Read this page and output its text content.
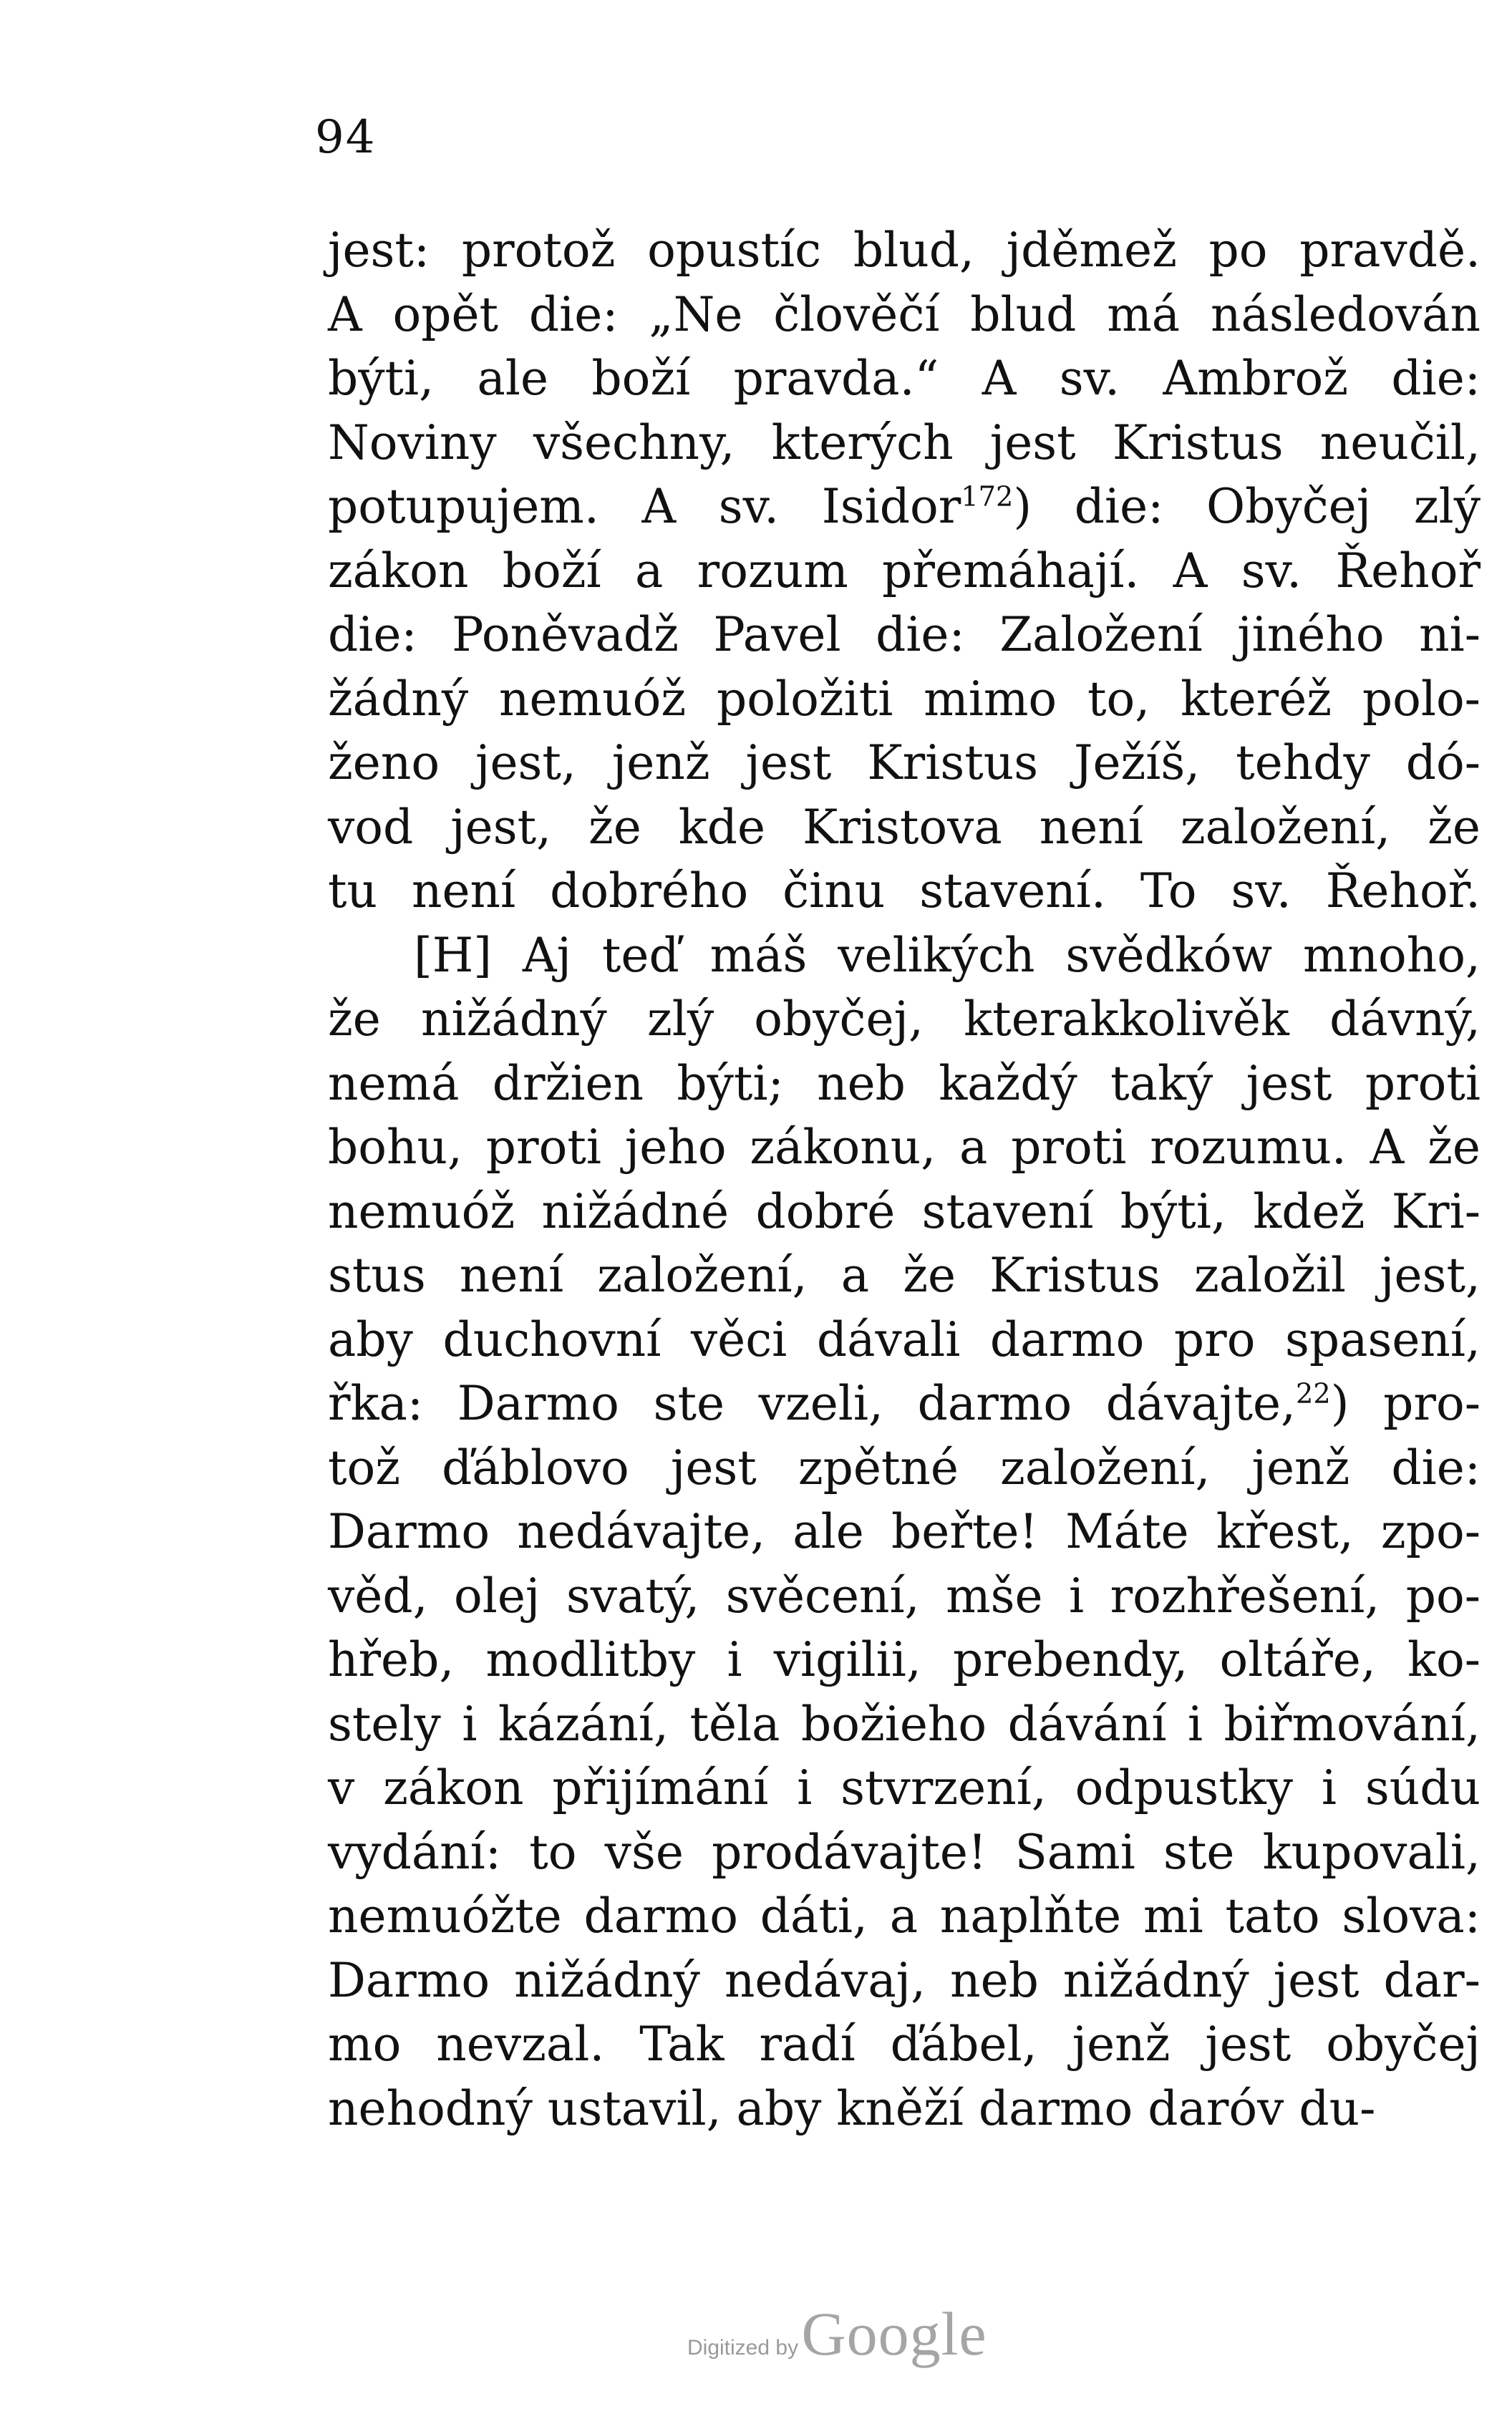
94
jest: protož opustíc blud, jděmež po pravdě.
A opět die: „Ne člověčí blud má následován
býti, ale boží pravda.“ A sv. Ambrož die:
Noviny všechny, kterých jest Kristus neučil,
potupujem. A sv. Isidor$^{172}$) die: Obyčej zlý
zákon boží a rozum přemáhají. A sv. Řehoř
die: Poněvadž Pavel die: Založení jiného ni-
žádný nemuóž položiti mimo to, kteréž polo-
ženo jest, jenž jest Kristus Ježíš, tehdy dó-
vod jest, že kde Kristova není založení, že
tu není dobrého činu stavení. To sv. Řehoř.
[H] Aj teď máš velikých svědków mnoho,
že nižádný zlý obyčej, kterakkolivěk dávný,
nemá držien býti; neb každý taký jest proti
bohu, proti jeho zákonu, a proti rozumu. A že
nemuóž nižádné dobré stavení býti, kdež Kri-
stus není založení, a že Kristus založil jest,
aby duchovní věci dávali darmo pro spasení,
řka: Darmo ste vzeli, darmo dávajte,$^{22}$) pro-
tož ďáblovo jest zpětné založení, jenž die:
Darmo nedávajte, ale beřte! Máte křest, zpo-
věd, olej svatý, svěcení, mše i rozhřešení, po-
hřeb, modlitby i vigilii, prebendy, oltáře, ko-
stely i kázání, těla božieho dávání i biřmování,
v zákon přijímání i stvrzení, odpustky i súdu
vydání: to vše prodávajte! Sami ste kupovali,
nemuóžte darmo dáti, a naplňte mi tato slova:
Darmo nižádný nedávaj, neb nižádný jest dar-
mo nevzal. Tak radí ďábel, jenž jest obyčej
nehodný ustavil, aby kněží darmo daróv du-
Digitized by Google
